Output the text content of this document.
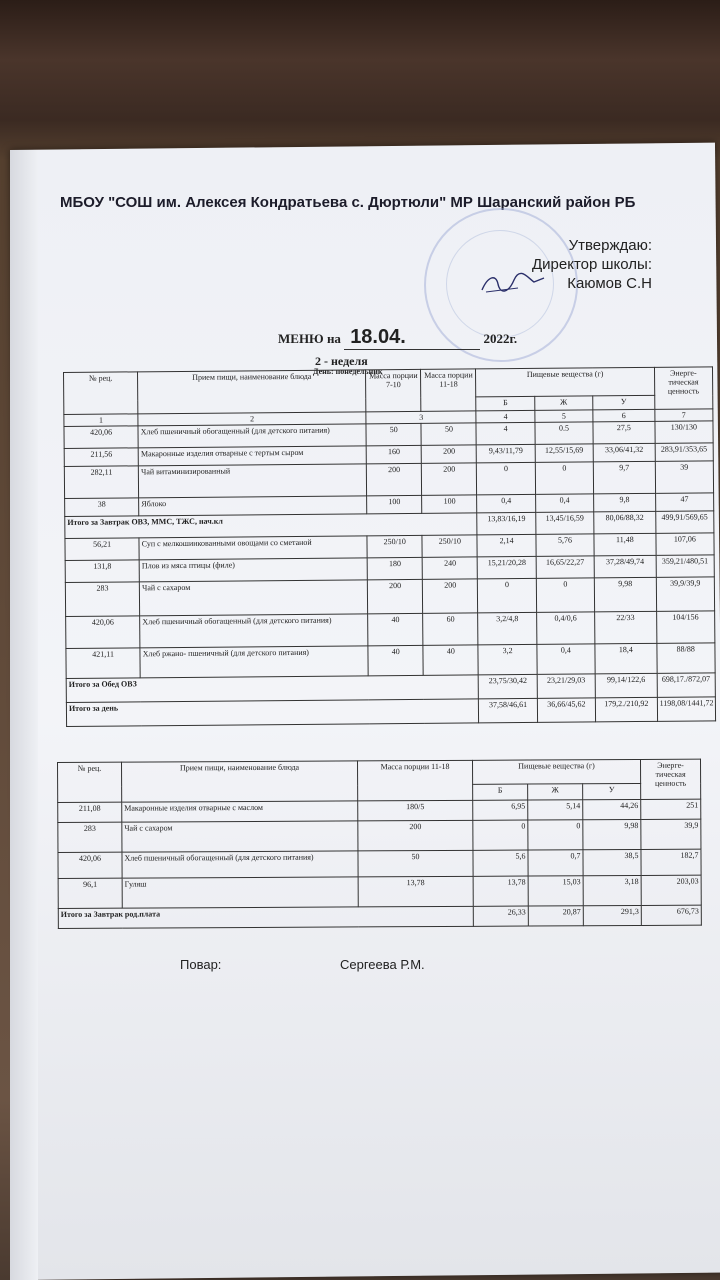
МБОУ "СОШ им. Алексея Кондратьева с. Дюртюли" МР Шаранский район РБ
Утверждаю:
Директор школы:
Каюмов С.Н
МЕНЮ на 18.04.	2022г.
2 - неделя
День: понедельник
№ рец.	Прием пищи, наименование блюда	Масса порции 7-10	Масса порции 11-18	Пищевые вещества (г)			Энерге-тическая ценность
				Б	Ж	У	
1	2	3		4	5	6	7
420,06	Хлеб пшеничный обогащенный (для детского питания)	50	50	4	0.5	27,5	130/130
211,56	Макаронные изделия отварные с тертым сыром	160	200	9,43/11,79	12,55/15,69	33,06/41,32	283,91/353,65
282,11	Чай витаминизированный	200	200	0	0	9,7	39
38	Яблоко	100	100	0,4	0,4	9,8	47
Итого за Завтрак ОВЗ, ММС, ТЖС, нач.кл				13,83/16,19	13,45/16,59	80,06/88,32	499,91/569,65
56,21	Суп с мелкошинкованными овощами со сметаной	250/10	250/10	2,14	5,76	11,48	107,06
131,8	Плов из мяса птицы (филе)	180	240	15,21/20,28	16,65/22,27	37,28/49,74	359,21/480,51
283	Чай с сахаром	200	200	0	0	9,98	39,9/39,9
420,06	Хлеб пшеничный обогащенный (для детского питания)	40	60	3,2/4,8	0,4/0,6	22/33	104/156
421,11	Хлеб ржано- пшеничный (для детского питания)	40	40	3,2	0,4	18,4	88/88
Итого за Обед ОВЗ				23,75/30,42	23,21/29,03	99,14/122,6	698,17./872,07
Итого за день				37,58/46,61	36,66/45,62	179,2./210,92	1198,08/1441,72
№ рец.	Прием пищи, наименование блюда	Масса порции 11-18	Пищевые вещества (г)			Энерге-тическая ценность
			Б	Ж	У	
211,08	Макаронные изделия отварные с маслом	180/5	6,95	5,14	44,26	251
283	Чай с сахаром	200	0	0	9,98	39,9
420,06	Хлеб пшеничный обогащенный (для детского питания)	50	5,6	0,7	38,5	182,7
96,1	Гуляш	13,78	13,78	15,03	3,18	203,03
Итого за Завтрак род.плата			26,33	20,87	291,3	676,73
Повар:	Сергеева Р.М.
